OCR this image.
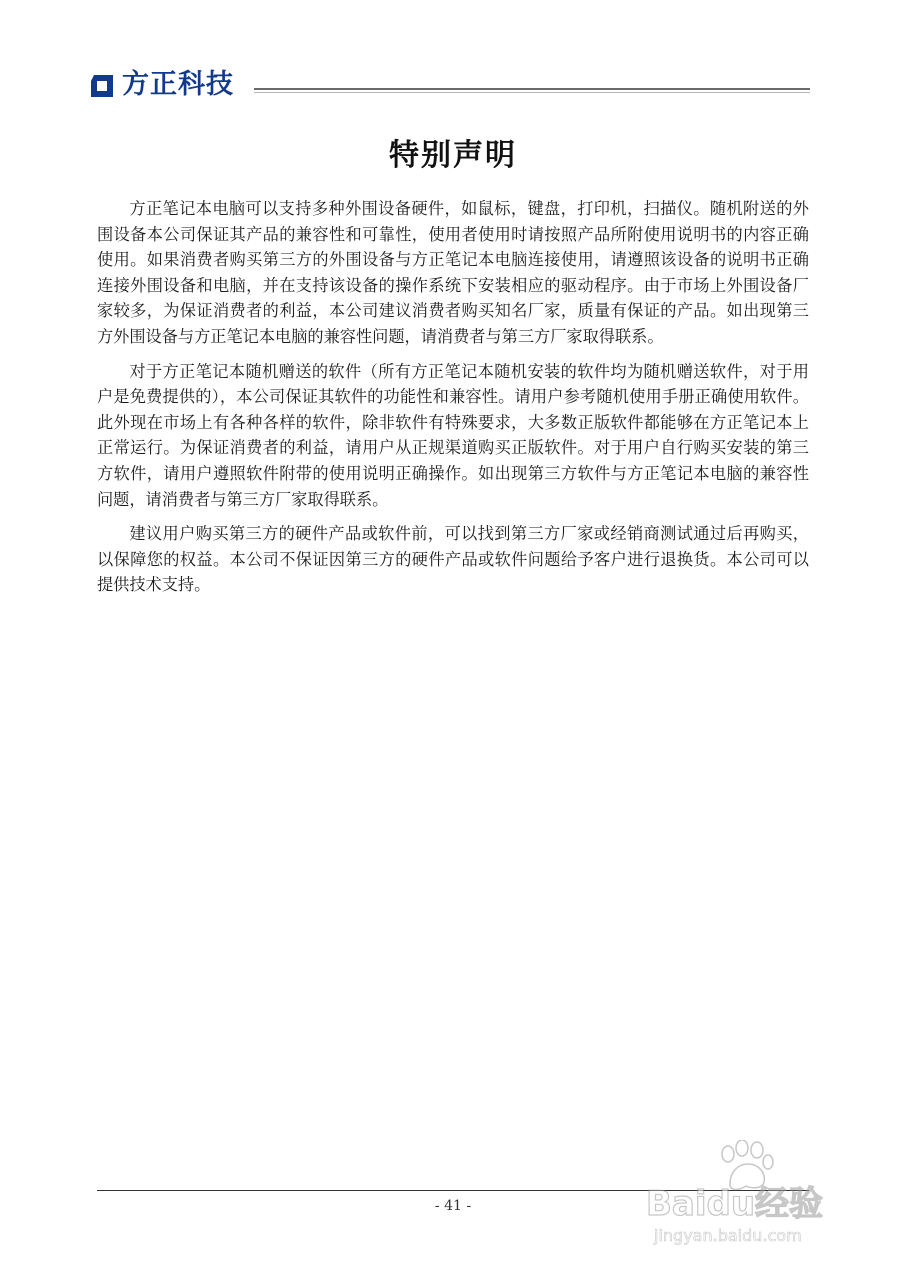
方正科技
特别声明

方正笔记本电脑可以支持多种外围设备硬件，如鼠标，键盘，打印机，扫描仪。随机附送的外围设备本公司保证其产品的兼容性和可靠性，使用者使用时请按照产品所附使用说明书的内容正确使用。如果消费者购买第三方的外围设备与方正笔记本电脑连接使用，请遵照该设备的说明书正确连接外围设备和电脑，并在支持该设备的操作系统下安装相应的驱动程序。由于市场上外围设备厂家较多，为保证消费者的利益，本公司建议消费者购买知名厂家，质量有保证的产品。如出现第三方外围设备与方正笔记本电脑的兼容性问题，请消费者与第三方厂家取得联系。

对于方正笔记本随机赠送的软件（所有方正笔记本随机安装的软件均为随机赠送软件，对于用户是免费提供的），本公司保证其软件的功能性和兼容性。请用户参考随机使用手册正确使用软件。此外现在市场上有各种各样的软件，除非软件有特殊要求，大多数正版软件都能够在方正笔记本上正常运行。为保证消费者的利益，请用户从正规渠道购买正版软件。对于用户自行购买安装的第三方软件，请用户遵照软件附带的使用说明正确操作。如出现第三方软件与方正笔记本电脑的兼容性问题，请消费者与第三方厂家取得联系。

建议用户购买第三方的硬件产品或软件前，可以找到第三方厂家或经销商测试通过后再购买，以保障您的权益。本公司不保证因第三方的硬件产品或软件问题给予客户进行退换货。本公司可以提供技术支持。

- 41 -	Baidu经验
jingyan.baidu.com
